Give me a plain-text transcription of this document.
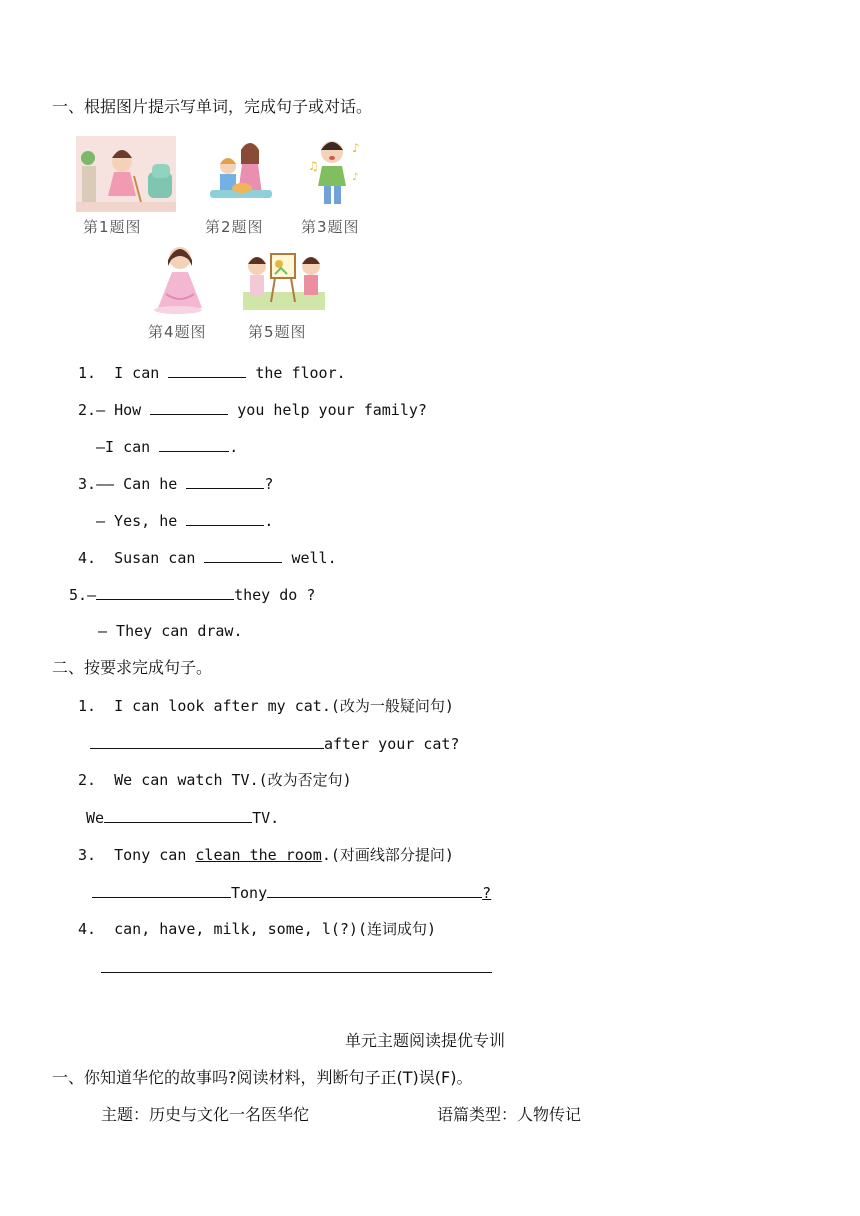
一、根据图片提示写单词，完成句子或对话。
第1题图	第2题图
♪
♫
♪
第3题图
第4题图	第5题图
1. I can	the floor.
2.— How	you help your family?
—I can	.
3.—— Can he	?
— Yes, he	.
4. Susan can	well.
5.—	they do ?
— They can draw.
二、按要求完成句子。
1. I can look after my cat.(改为一般疑问句)
after your cat?
2. We can watch TV.(改为否定句)
We	TV.
3. Tony can clean the room.(对画线部分提问)
Tony	?
4. can, have, milk, some, l(?)(连词成句)
单元主题阅读提优专训
一、你知道华佗的故事吗?阅读材料，判断句子正(T)误(F)。
主题：历史与文化一名医华佗	语篇类型：人物传记
